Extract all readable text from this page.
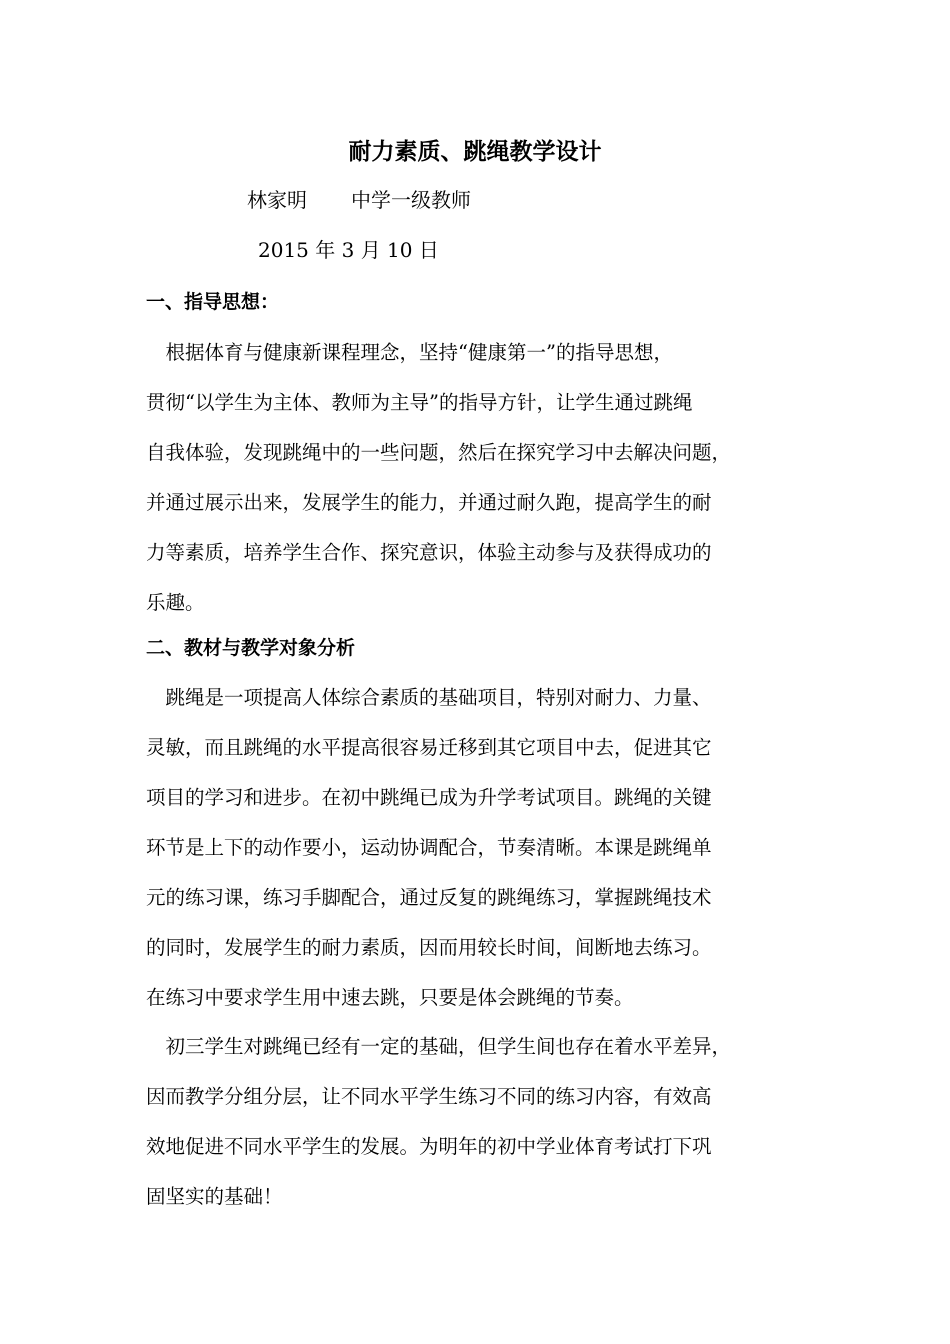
耐力素质、跳绳教学设计
林家明 中学一级教师
2015 年 3 月 10 日
一、指导思想：
　根据体育与健康新课程理念，坚持“健康第一”的指导思想，
贯彻“以学生为主体、教师为主导”的指导方针，让学生通过跳绳
自我体验，发现跳绳中的一些问题，然后在探究学习中去解决问题，
并通过展示出来，发展学生的能力，并通过耐久跑，提高学生的耐
力等素质，培养学生合作、探究意识，体验主动参与及获得成功的
乐趣。
二、教材与教学对象分析
　跳绳是一项提高人体综合素质的基础项目，特别对耐力、力量、
灵敏，而且跳绳的水平提高很容易迁移到其它项目中去，促进其它
项目的学习和进步。在初中跳绳已成为升学考试项目。跳绳的关键
环节是上下的动作要小，运动协调配合，节奏清晰。本课是跳绳单
元的练习课，练习手脚配合，通过反复的跳绳练习，掌握跳绳技术
的同时，发展学生的耐力素质，因而用较长时间，间断地去练习。
在练习中要求学生用中速去跳，只要是体会跳绳的节奏。
　初三学生对跳绳已经有一定的基础，但学生间也存在着水平差异，
因而教学分组分层，让不同水平学生练习不同的练习内容，有效高
效地促进不同水平学生的发展。为明年的初中学业体育考试打下巩
固坚实的基础！
